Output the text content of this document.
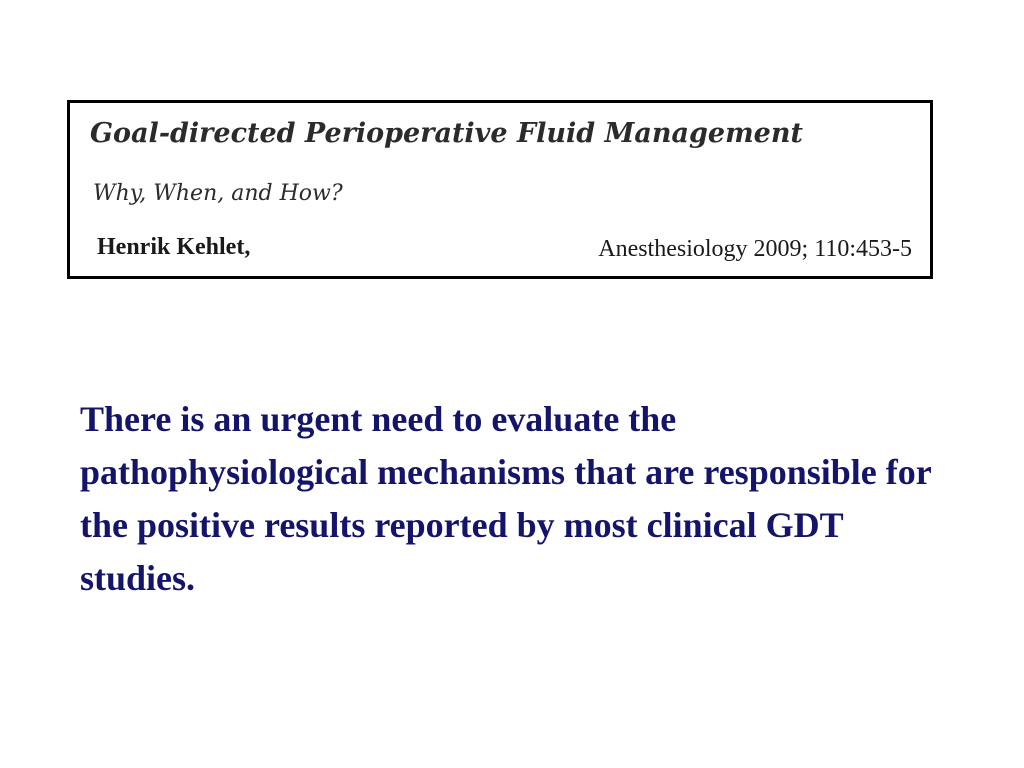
Goal-directed Perioperative Fluid Management

Why, When, and How?

Henrik Kehlet,	Anesthesiology 2009; 110:453-5

There is an urgent need to evaluate the pathophysiological mechanisms that are responsible for the positive results reported by most clinical GDT studies.
